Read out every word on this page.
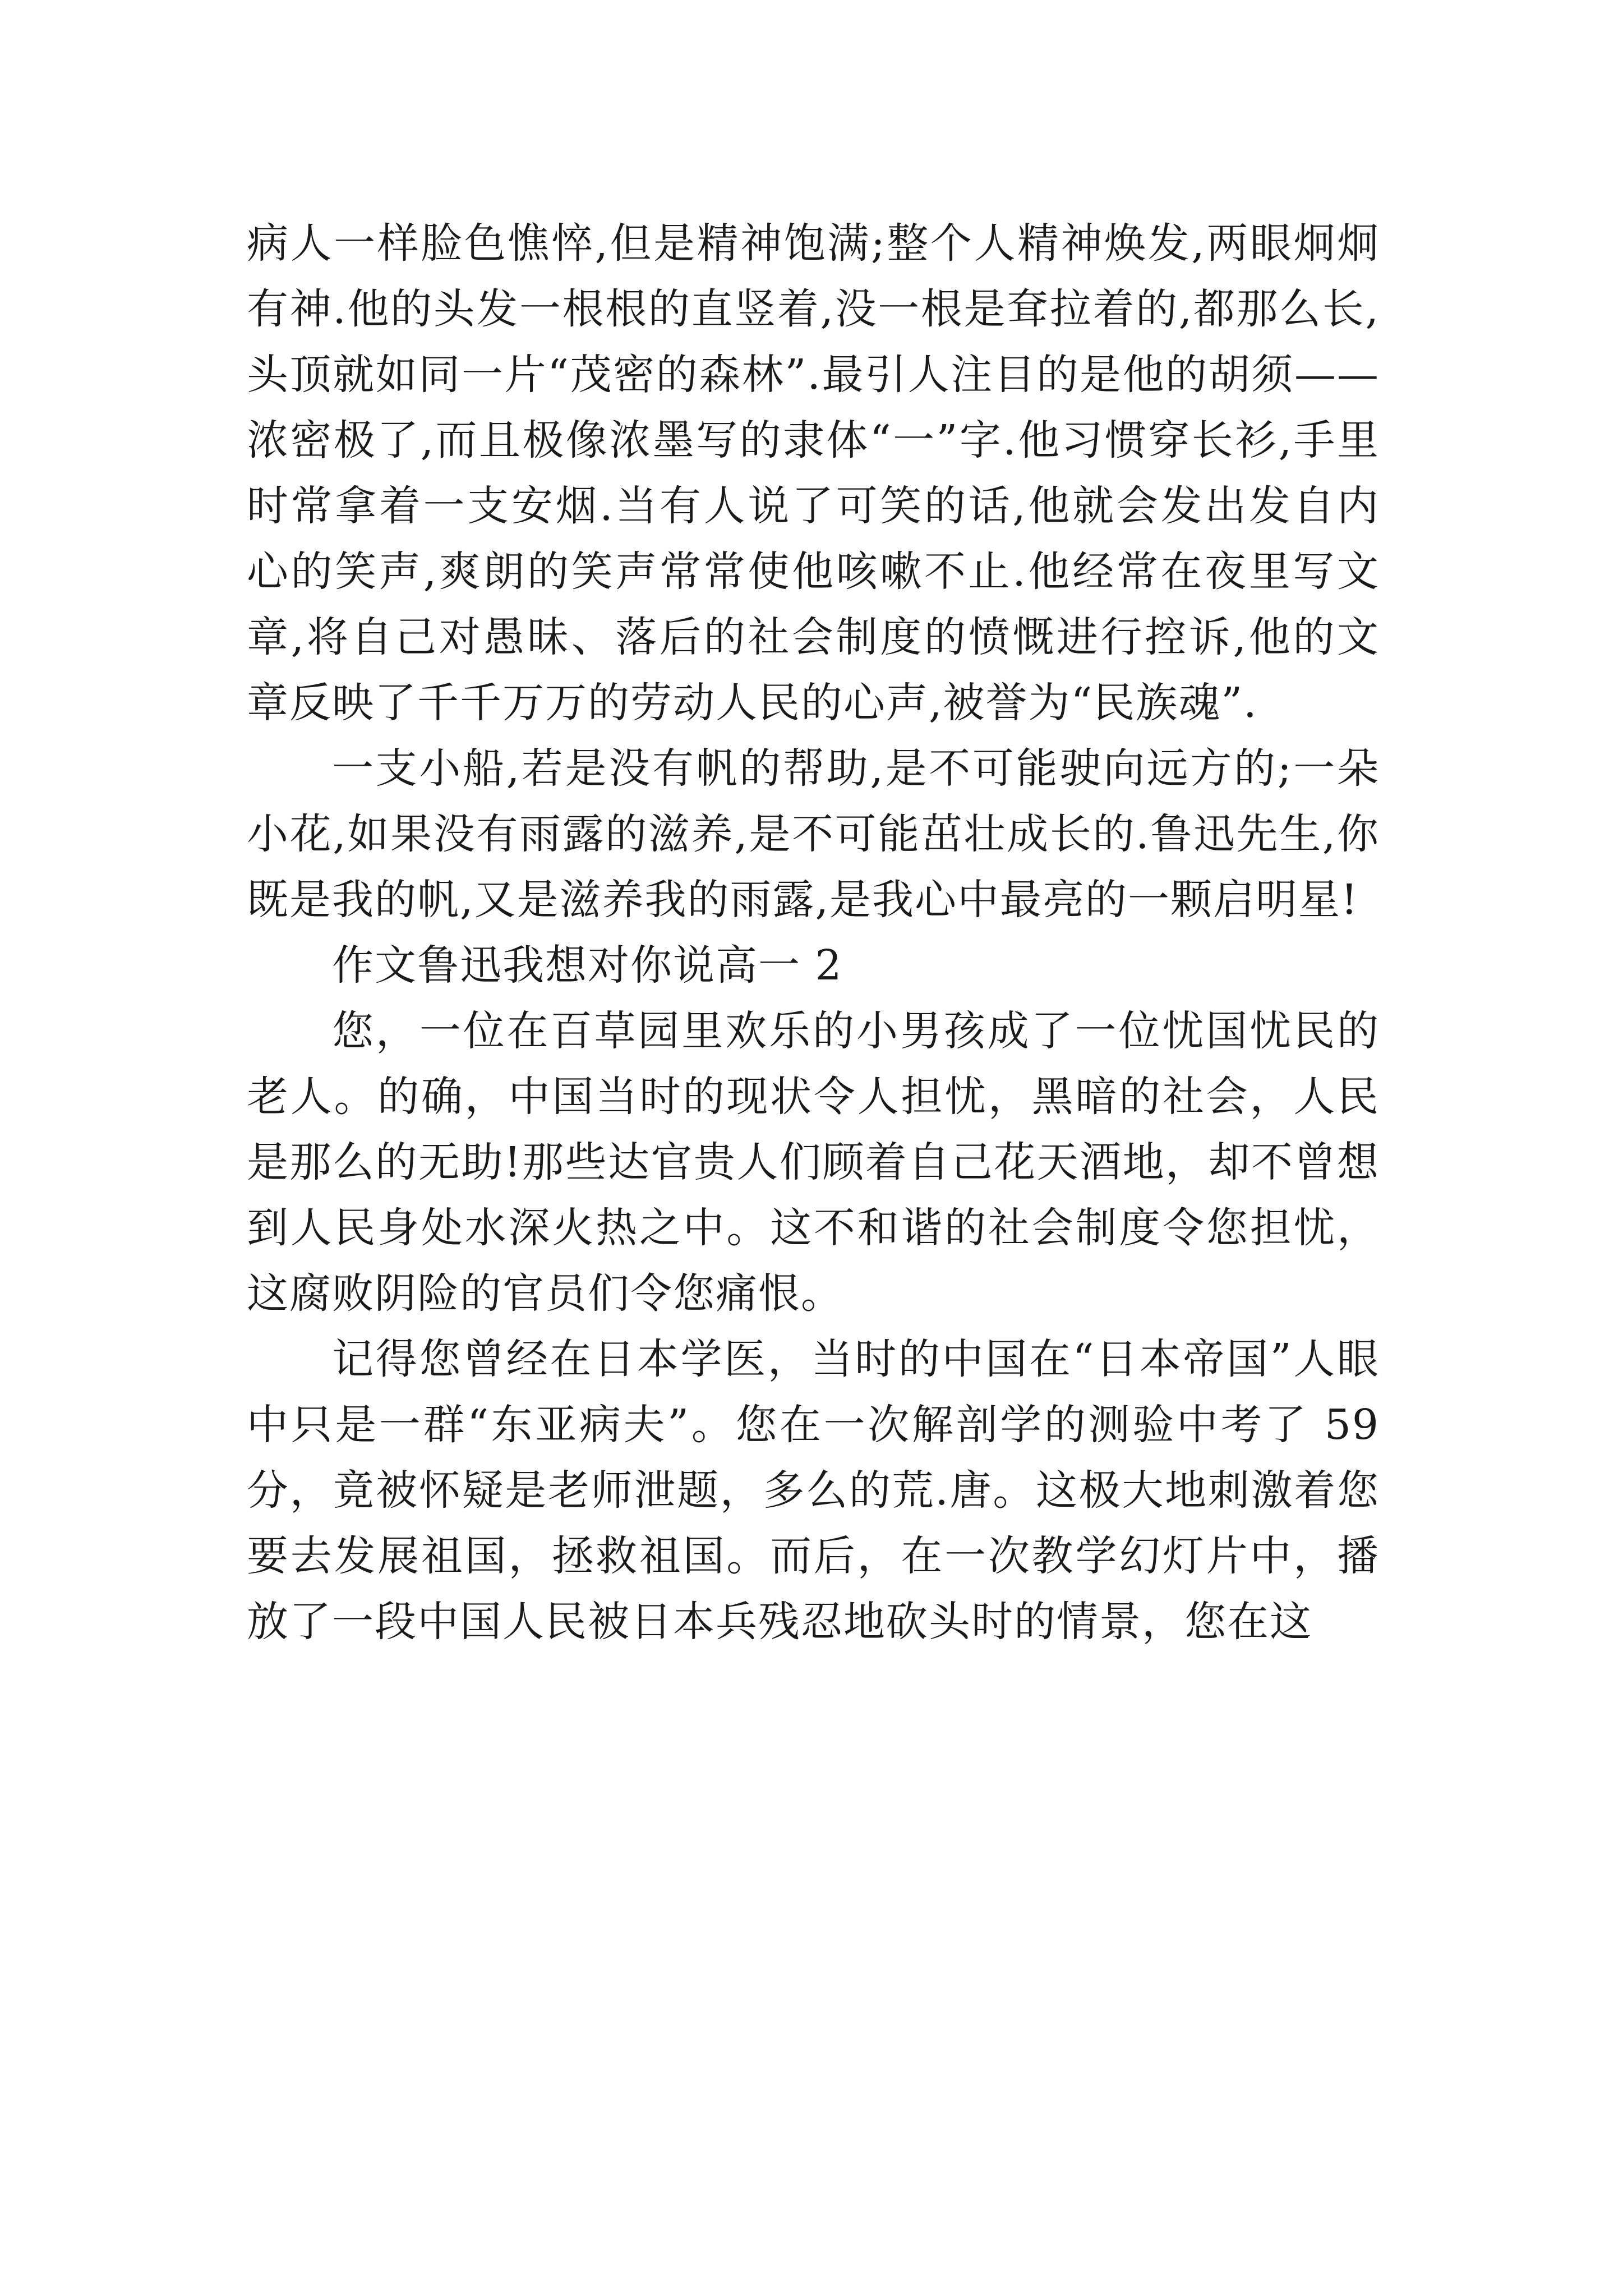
病人一样脸色憔悴,但是精神饱满;整个人精神焕发,两眼炯炯有神.他的头发一根根的直竖着,没一根是耷拉着的,都那么长,头顶就如同一片“茂密的森林”.最引人注目的是他的胡须——浓密极了,而且极像浓墨写的隶体“一”字.他习惯穿长衫,手里时常拿着一支安烟.当有人说了可笑的话,他就会发出发自内心的笑声,爽朗的笑声常常使他咳嗽不止.他经常在夜里写文章,将自己对愚昧、落后的社会制度的愤慨进行控诉,他的文章反映了千千万万的劳动人民的心声,被誉为“民族魂”.

一支小船,若是没有帆的帮助,是不可能驶向远方的;一朵小花,如果没有雨露的滋养,是不可能茁壮成长的.鲁迅先生,你既是我的帆,又是滋养我的雨露,是我心中最亮的一颗启明星!

作文鲁迅我想对你说高一 2

您，一位在百草园里欢乐的小男孩成了一位忧国忧民的老人。的确，中国当时的现状令人担忧，黑暗的社会，人民是那么的无助!那些达官贵人们顾着自己花天酒地，却不曾想到人民身处水深火热之中。这不和谐的社会制度令您担忧，这腐败阴险的官员们令您痛恨。

记得您曾经在日本学医，当时的中国在“日本帝国”人眼中只是一群“东亚病夫”。您在一次解剖学的测验中考了 59 分，竟被怀疑是老师泄题，多么的荒.唐。这极大地刺激着您要去发展祖国，拯救祖国。而后，在一次教学幻灯片中，播放了一段中国人民被日本兵残忍地砍头时的情景，您在这
